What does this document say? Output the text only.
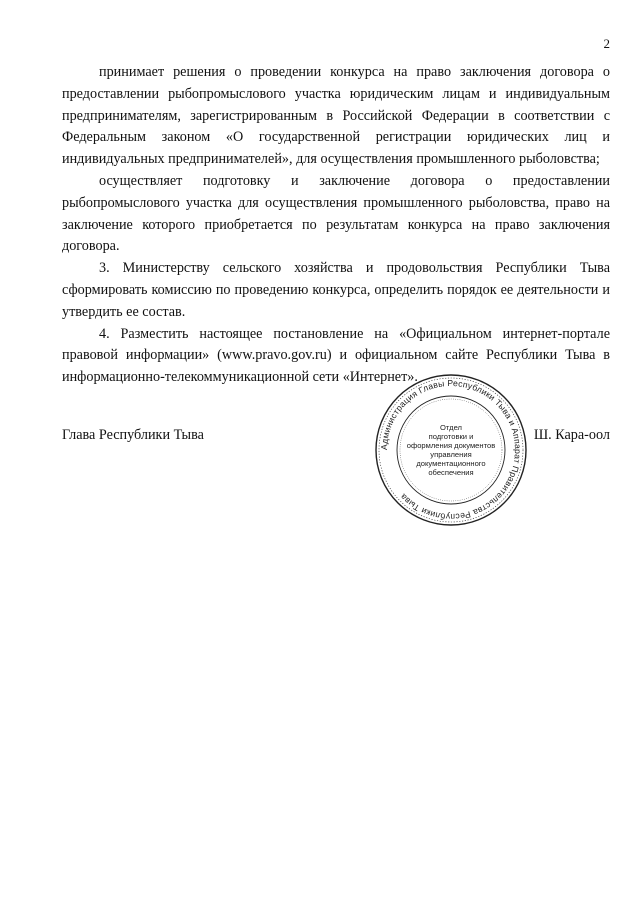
2

принимает решения о проведении конкурса на право заключения договора о предоставлении рыбопромыслового участка юридическим лицам и индивидуальным предпринимателям, зарегистрированным в Российской Федерации в соответствии с Федеральным законом «О государственной регистрации юридических лиц и индивидуальных предпринимателей», для осуществления промышленного рыболовства;

осуществляет подготовку и заключение договора о предоставлении рыбопромыслового участка для осуществления промышленного рыболовства, право на заключение которого приобретается по результатам конкурса на право заключения договора.

3. Министерству сельского хозяйства и продовольствия Республики Тыва сформировать комиссию по проведению конкурса, определить порядок ее деятельности и утвердить ее состав.

4. Разместить настоящее постановление на «Официальном интернет-портале правовой информации» (www.pravo.gov.ru) и официальном сайте Республики Тыва в информационно-телекоммуникационной сети «Интернет».

Глава Республики Тыва	Ш. Кара-оол
Администрация Главы Республики Тыва и Аппарат Правительства Республики Тыва
Отдел
подготовки и
оформления документов
управления
документационного
обеспечения
